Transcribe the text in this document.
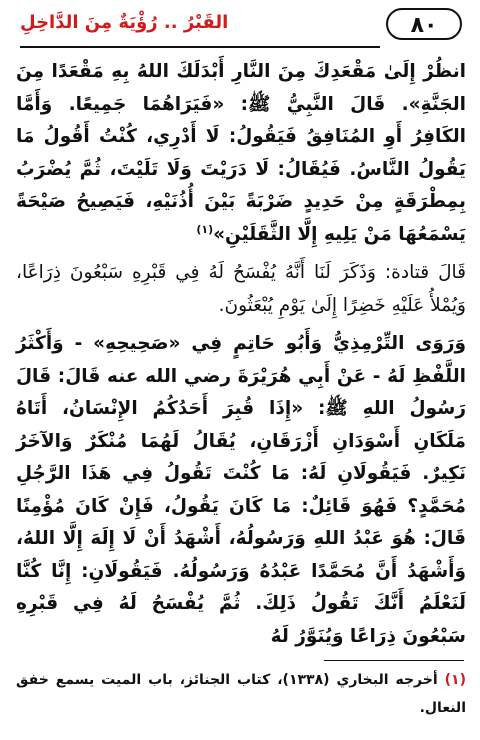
٨٠
القَبْرُ .. رُؤْيَةٌ مِنَ الدَّاخِلِ

انظُرْ إِلَىٰ مَقْعَدِكَ مِنَ النَّارِ أَبْدَلَكَ اللهُ بِهِ مَقْعَدًا مِنَ الجَنَّةِ». قَالَ النَّبِيُّ ﷺ: «فَيَرَاهُمَا جَمِيعًا. وَأَمَّا الكَافِرُ أَوِ المُنَافِقُ فَيَقُولُ: لَا أَدْرِي، كُنْتُ أَقُولُ مَا يَقُولُ النَّاسُ. فَيُقَالُ: لَا دَرَيْتَ وَلَا تَلَيْتَ، ثُمَّ يُضْرَبُ بِمِطْرَقَةٍ مِنْ حَدِيدٍ ضَرْبَةً بَيْنَ أُذُنَيْهِ، فَيَصِيحُ صَيْحَةً يَسْمَعُهَا مَنْ يَلِيهِ إِلَّا الثَّقَلَيْنِ»$^{(١)}$

قَالَ قتادة: وَذَكَرَ لَنَا أَنَّهُ يُفْسَحُ لَهُ فِي قَبْرِهِ سَبْعُونَ ذِرَاعًا، وَيُمْلأُ عَلَيْهِ خَضِرًا إِلَىٰ يَوْمِ يُبْعَثُونَ.

وَرَوَى التِّرْمِذِيُّ وَأَبُو حَاتِمٍ فِي «صَحِيحِهِ» - وَأَكْثَرُ اللَّفْظِ لَهُ - عَنْ أَبِي هُرَيْرَةَ رضي الله عنه قَالَ: قَالَ رَسُولُ اللهِ ﷺ: «إِذَا قُبِرَ أَحَدُكُمُ الإِنْسَانُ، أَتَاهُ مَلَكَانِ أَسْوَدَانِ أَزْرَقَانِ، يُقَالُ لَهُمَا مُنْكَرٌ وَالآخَرُ نَكِيرٌ. فَيَقُولَانِ لَهُ: مَا كُنْتَ تَقُولُ فِي هَذَا الرَّجُلِ مُحَمَّدٍ؟ فَهُوَ قَائِلٌ: مَا كَانَ يَقُولُ، فَإِنْ كَانَ مُؤْمِنًا قَالَ: هُوَ عَبْدُ اللهِ وَرَسُولُهُ، أَشْهَدُ أَنْ لَا إِلَهَ إِلَّا اللهُ، وَأَشْهَدُ أَنَّ مُحَمَّدًا عَبْدُهُ وَرَسُولُهُ. فَيَقُولَانِ: إِنَّا كُنَّا لَنَعْلَمُ أَنَّكَ تَقُولُ ذَلِكَ. ثُمَّ يُفْسَحُ لَهُ فِي قَبْرِهِ سَبْعُونَ ذِرَاعًا وَيُنَوَّرُ لَهُ

(١) أخرجه البخاري (١٣٣٨)، كتاب الجنائز، باب الميت يسمع خفق النعال.
